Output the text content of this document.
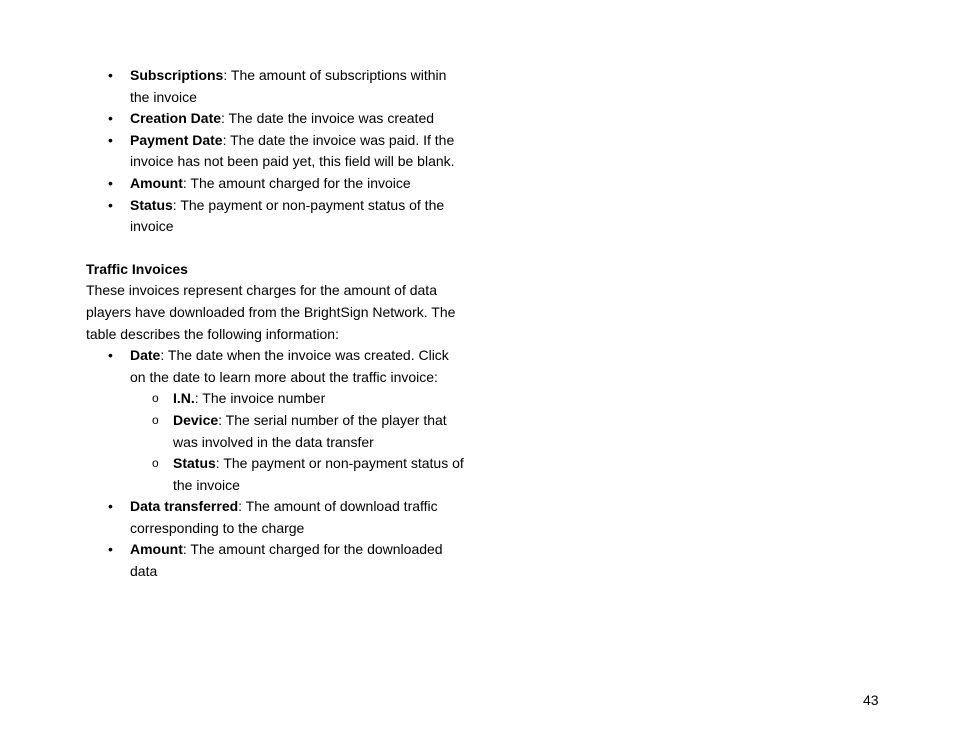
• Subscriptions: The amount of subscriptions within the invoice
• Creation Date: The date the invoice was created
• Payment Date: The date the invoice was paid. If the invoice has not been paid yet, this field will be blank.
• Amount: The amount charged for the invoice
• Status: The payment or non-payment status of the invoice
Traffic Invoices

These invoices represent charges for the amount of data players have downloaded from the BrightSign Network. The table describes the following information:

• Date: The date when the invoice was created. Click on the date to learn more about the traffic invoice:
o I.N.: The invoice number
o Device: The serial number of the player that was involved in the data transfer
o Status: The payment or non-payment status of the invoice
• Data transferred: The amount of download traffic corresponding to the charge
• Amount: The amount charged for the downloaded data
43
